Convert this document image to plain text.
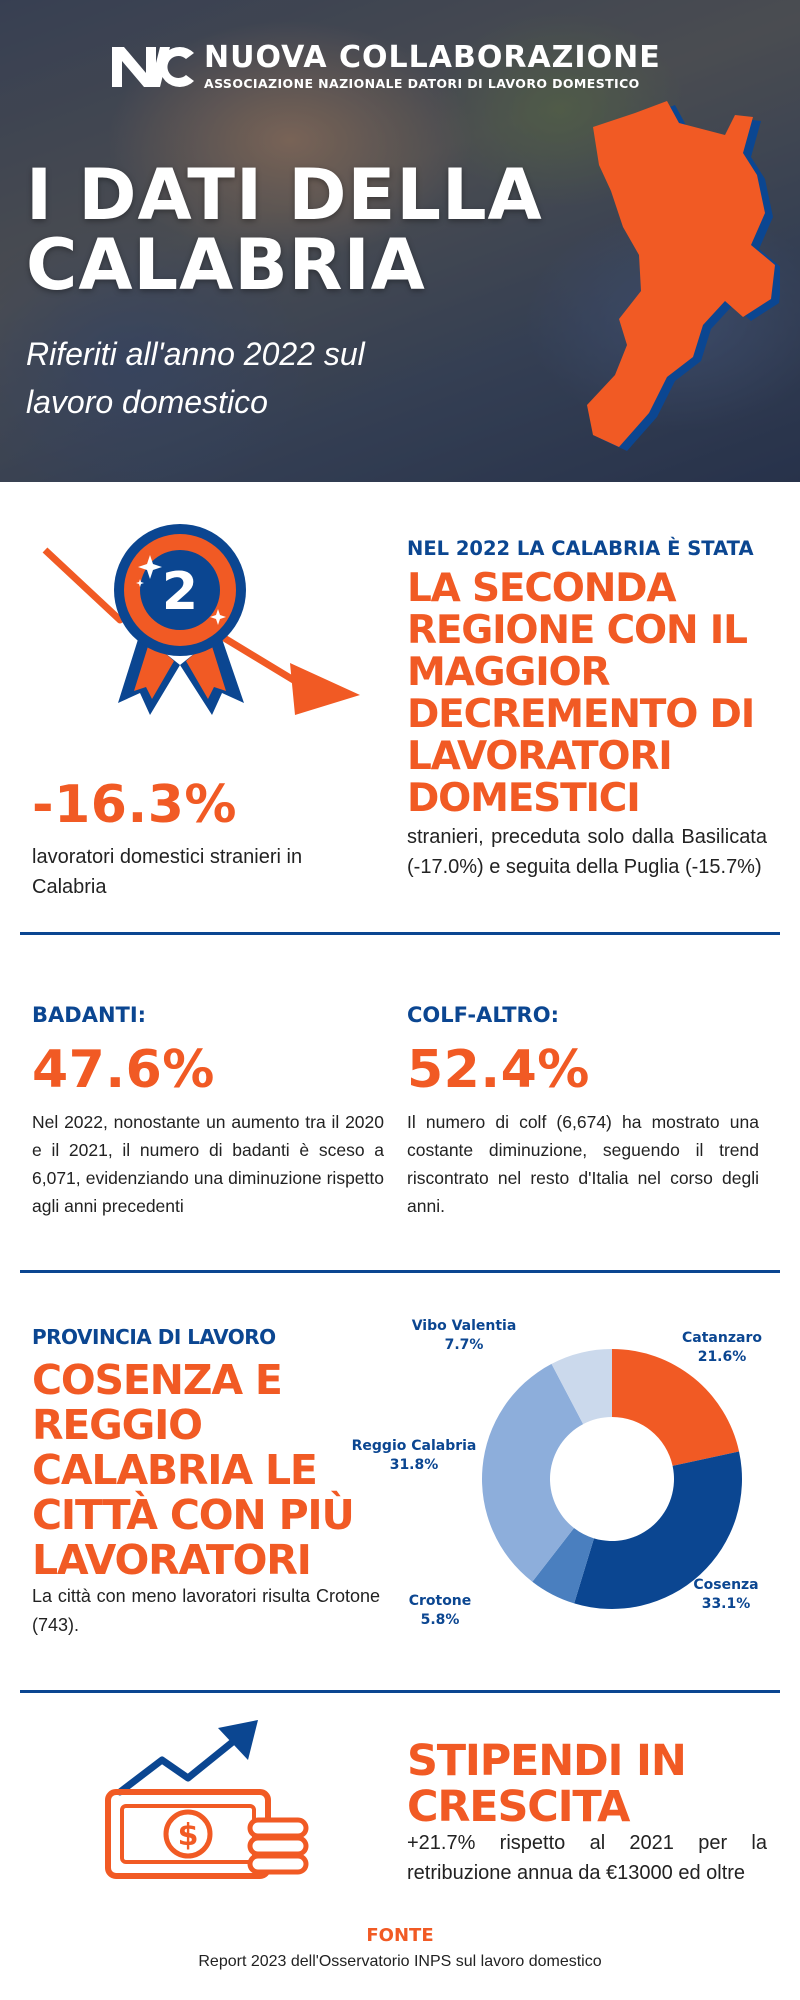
NUOVA COLLABORAZIONE
ASSOCIAZIONE NAZIONALE DATORI DI LAVORO DOMESTICO
I DATI DELLA
CALABRIA
Riferiti all'anno 2022 sul lavoro domestico
2
-16.3%
lavoratori domestici stranieri in Calabria
NEL 2022 LA CALABRIA È STATA
LA SECONDA REGIONE CON IL MAGGIOR DECREMENTO DI LAVORATORI DOMESTICI
stranieri, preceduta solo dalla Basilicata (-17.0%) e seguita della Puglia (-15.7%)
BADANTI:
47.6%
Nel 2022, nonostante un aumento tra il 2020 e il 2021, il numero di badanti è sceso a 6,071, evidenziando una diminuzione rispetto agli anni precedenti
COLF-ALTRO:
52.4%
Il numero di colf (6,674) ha mostrato una costante diminuzione, seguendo il trend riscontrato nel resto d'Italia nel corso degli anni.
PROVINCIA DI LAVORO
COSENZA E REGGIO CALABRIA LE CITTÀ CON PIÙ LAVORATORI
La città con meno lavoratori risulta Crotone (743).
Catanzaro
21.6%
Cosenza
33.1%
Crotone
5.8%
Reggio Calabria
31.8%
Vibo Valentia
7.7%
$
STIPENDI IN CRESCITA
+21.7% rispetto al 2021 per la retribuzione annua da €13000 ed oltre
FONTE
Report 2023 dell'Osservatorio INPS sul lavoro domestico
